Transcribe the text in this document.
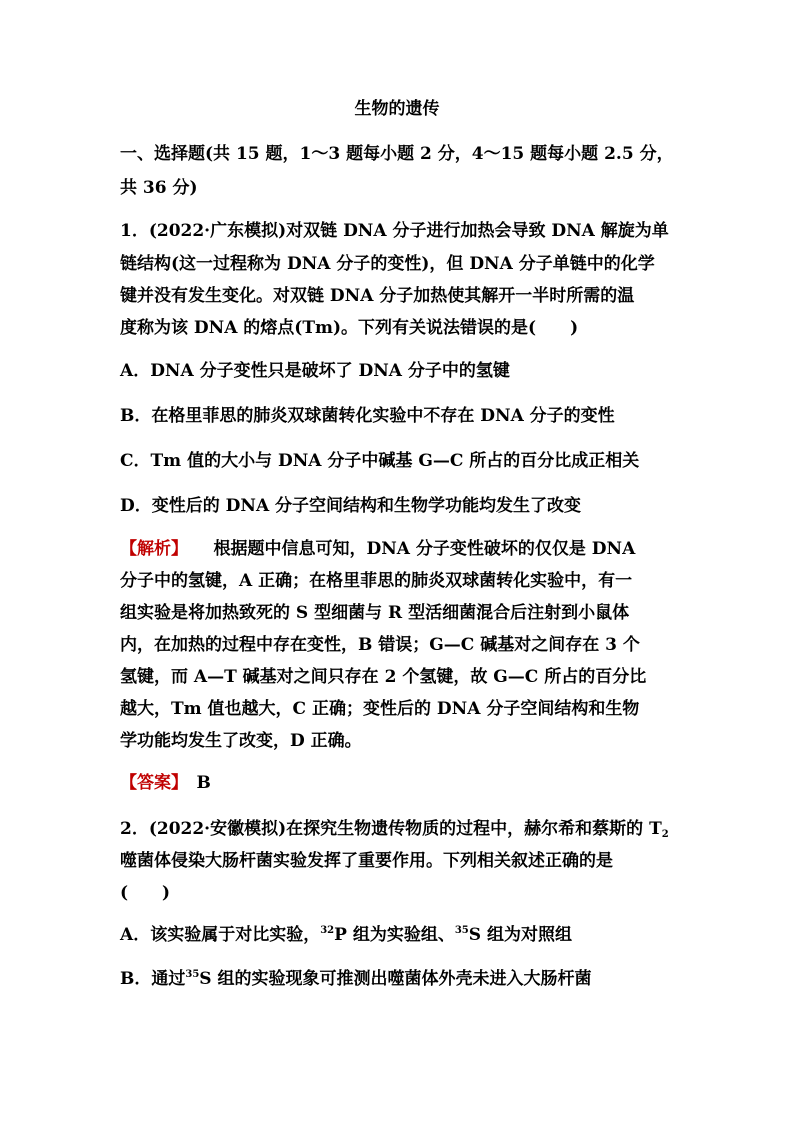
生物的遗传
一、选择题(共 15 题，1～3 题每小题 2 分，4～15 题每小题 2.5 分，
共 36 分)
1．(2022·广东模拟)对双链 DNA 分子进行加热会导致 DNA 解旋为单
链结构(这一过程称为 DNA 分子的变性)，但 DNA 分子单链中的化学
键并没有发生变化。对双链 DNA 分子加热使其解开一半时所需的温
度称为该 DNA 的熔点(Tm)。下列有关说法错误的是(　　)
A．DNA 分子变性只是破坏了 DNA 分子中的氢键
B．在格里菲思的肺炎双球菌转化实验中不存在 DNA 分子的变性
C．Tm 值的大小与 DNA 分子中碱基 G—C 所占的百分比成正相关
D．变性后的 DNA 分子空间结构和生物学功能均发生了改变
【解析】　　 根据题中信息可知，DNA 分子变性破坏的仅仅是 DNA
分子中的氢键，A 正确；在格里菲思的肺炎双球菌转化实验中，有一
组实验是将加热致死的 S 型细菌与 R 型活细菌混合后注射到小鼠体
内，在加热的过程中存在变性，B 错误；G—C 碱基对之间存在 3 个
氢键，而 A—T 碱基对之间只存在 2 个氢键，故 G—C 所占的百分比
越大，Tm 值也越大，C 正确；变性后的 DNA 分子空间结构和生物
学功能均发生了改变，D 正确。
【答案】　 B
2．(2022·安徽模拟)在探究生物遗传物质的过程中，赫尔希和蔡斯的 $T_2$
噬菌体侵染大肠杆菌实验发挥了重要作用。下列相关叙述正确的是
(　　)
A．该实验属于对比实验，$^{32}$P 组为实验组、$^{35}$S 组为对照组
B．通过$^{35}$S 组的实验现象可推测出噬菌体外壳未进入大肠杆菌
